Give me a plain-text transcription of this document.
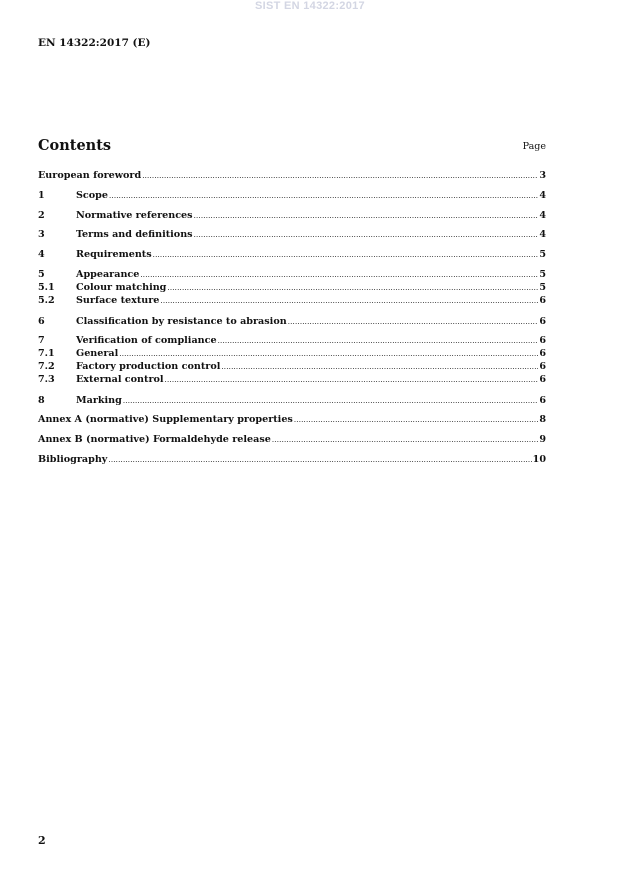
SIST EN 14322:2017
EN 14322:2017 (E)
Contents	Page
European foreword .....	3
1	Scope .....	4
2	Normative references .....	4
3	Terms and definitions .....	4
4	Requirements .....	5
5	Appearance .....	5
5.1	Colour matching .....	5
5.2	Surface texture .....	6
6	Classification by resistance to abrasion .....	6
7	Verification of compliance .....	6
7.1	General .....	6
7.2	Factory production control .....	6
7.3	External control .....	6
8	Marking .....	6
Annex A (normative) Supplementary properties .....	8
Annex B (normative) Formaldehyde release .....	9
Bibliography .....	10
2
